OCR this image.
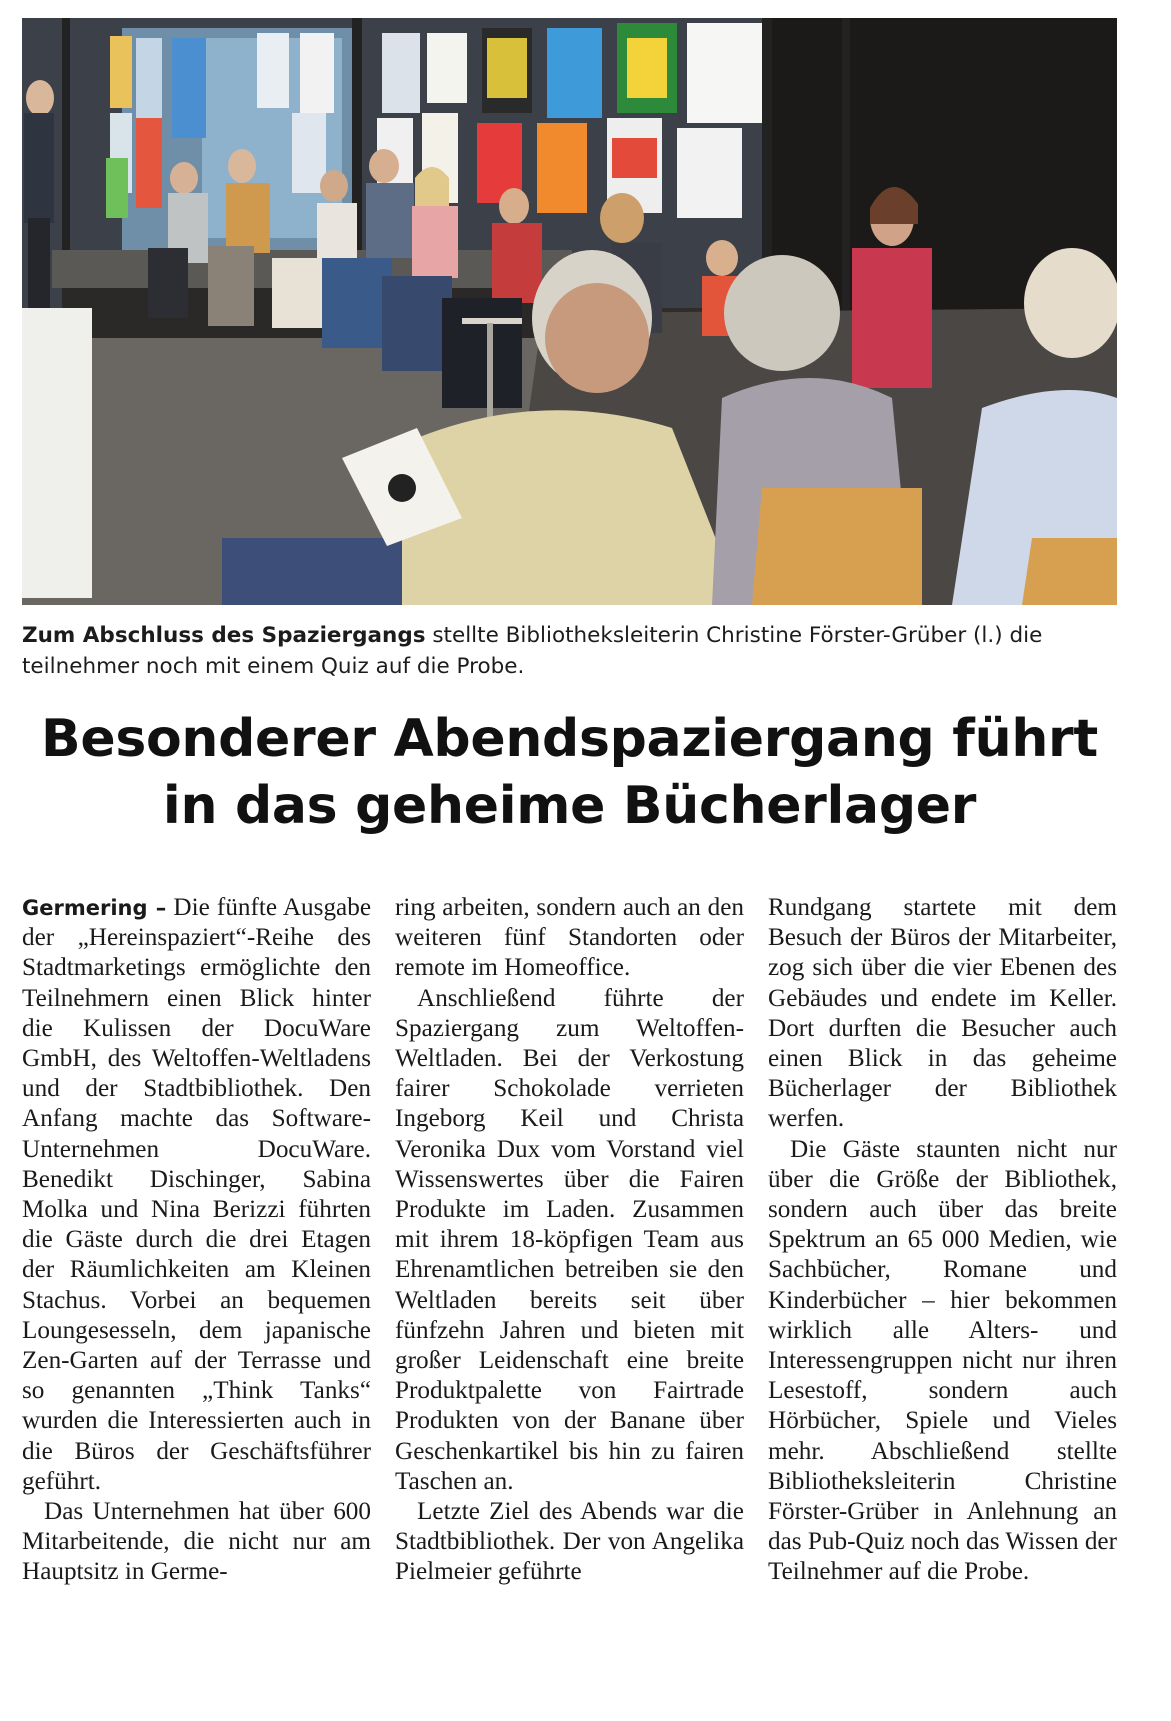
Zum Abschluss des Spaziergangs stellte Bibliotheksleiterin Christine Förster-Grüber (l.) die teilnehmer noch mit einem Quiz auf die Probe.
Besonderer Abendspaziergang führt
in das geheime Bücherlager

Germering – Die fünfte Ausgabe der „Hereinspaziert“-Reihe des Stadtmarketings ermöglichte den Teilnehmern einen Blick hinter die Kulissen der DocuWare GmbH, des Weltoffen-Weltladens und der Stadtbibliothek. Den Anfang machte das Software-Unternehmen DocuWare. Benedikt Dischinger, Sabina Molka und Nina Berizzi führten die Gäste durch die drei Etagen der Räumlichkeiten am Kleinen Stachus. Vorbei an bequemen Loungesesseln, dem japanische Zen-Garten auf der Terrasse und so genannten „Think Tanks“ wurden die Interessierten auch in die Büros der Geschäftsführer geführt.

Das Unternehmen hat über 600 Mitarbeitende, die nicht nur am Hauptsitz in Germe-

ring arbeiten, sondern auch an den weiteren fünf Standorten oder remote im Homeoffice.

Anschließend führte der Spaziergang zum Weltoffen-Weltladen. Bei der Verkostung fairer Schokolade verrieten Ingeborg Keil und Christa Veronika Dux vom Vorstand viel Wissenswertes über die Fairen Produkte im Laden. Zusammen mit ihrem 18-köpfigen Team aus Ehrenamtlichen betreiben sie den Weltladen bereits seit über fünfzehn Jahren und bieten mit großer Leidenschaft eine breite Produktpalette von Fairtrade Produkten von der Banane über Geschenkartikel bis hin zu fairen Taschen an.

Letzte Ziel des Abends war die Stadtbibliothek. Der von Angelika Pielmeier geführte

Rundgang startete mit dem Besuch der Büros der Mitarbeiter, zog sich über die vier Ebenen des Gebäudes und endete im Keller. Dort durften die Besucher auch einen Blick in das geheime Bücherlager der Bibliothek werfen.

Die Gäste staunten nicht nur über die Größe der Bibliothek, sondern auch über das breite Spektrum an 65 000 Medien, wie Sachbücher, Romane und Kinderbücher – hier bekommen wirklich alle Alters- und Interessengruppen nicht nur ihren Lesestoff, sondern auch Hörbücher, Spiele und Vieles mehr. Abschließend stellte Bibliotheksleiterin Christine Förster-Grüber in Anlehnung an das Pub-Quiz noch das Wissen der Teilnehmer auf die Probe.
